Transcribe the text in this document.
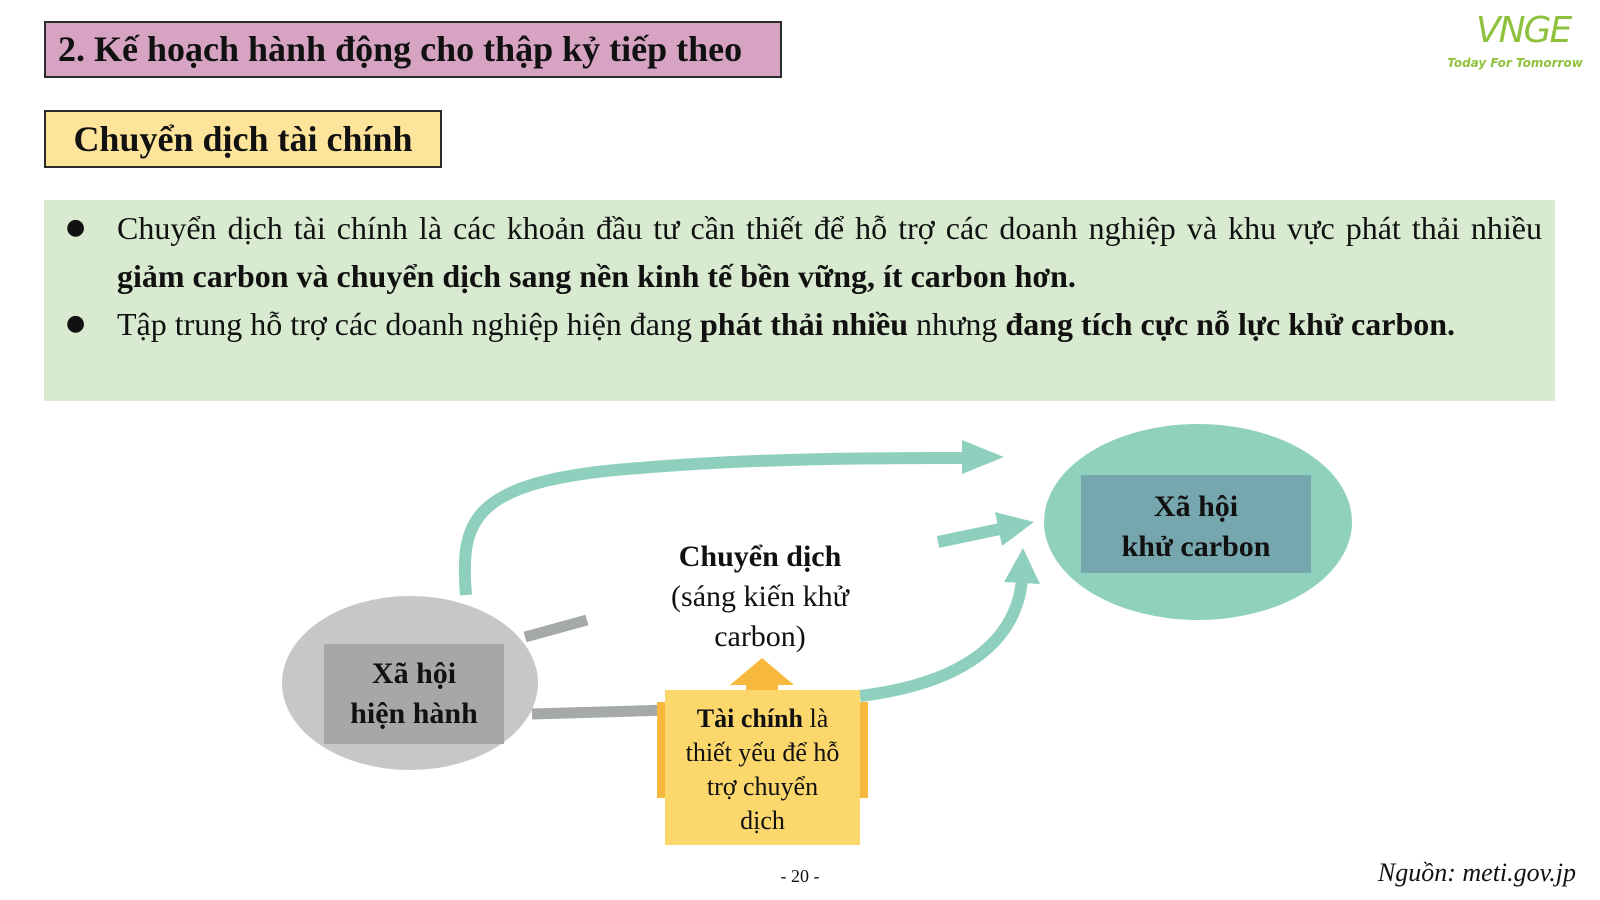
2. Kế hoạch hành động cho thập kỷ tiếp theo
Chuyển dịch tài chính
VNGE
Today For Tomorrow
● Chuyển dịch tài chính là các khoản đầu tư cần thiết để hỗ trợ các doanh nghiệp và khu vực phát thải nhiều giảm carbon và chuyển dịch sang nền kinh tế bền vững, ít carbon hơn.
● Tập trung hỗ trợ các doanh nghiệp hiện đang phát thải nhiều nhưng đang tích cực nỗ lực khử carbon.
Xã hội
hiện hành
Xã hội
khử carbon
Chuyển dịch
(sáng kiến khử
carbon)
Tài chính là
thiết yếu để hỗ
trợ chuyển
dịch
- 20 -	Nguồn: meti.gov.jp
